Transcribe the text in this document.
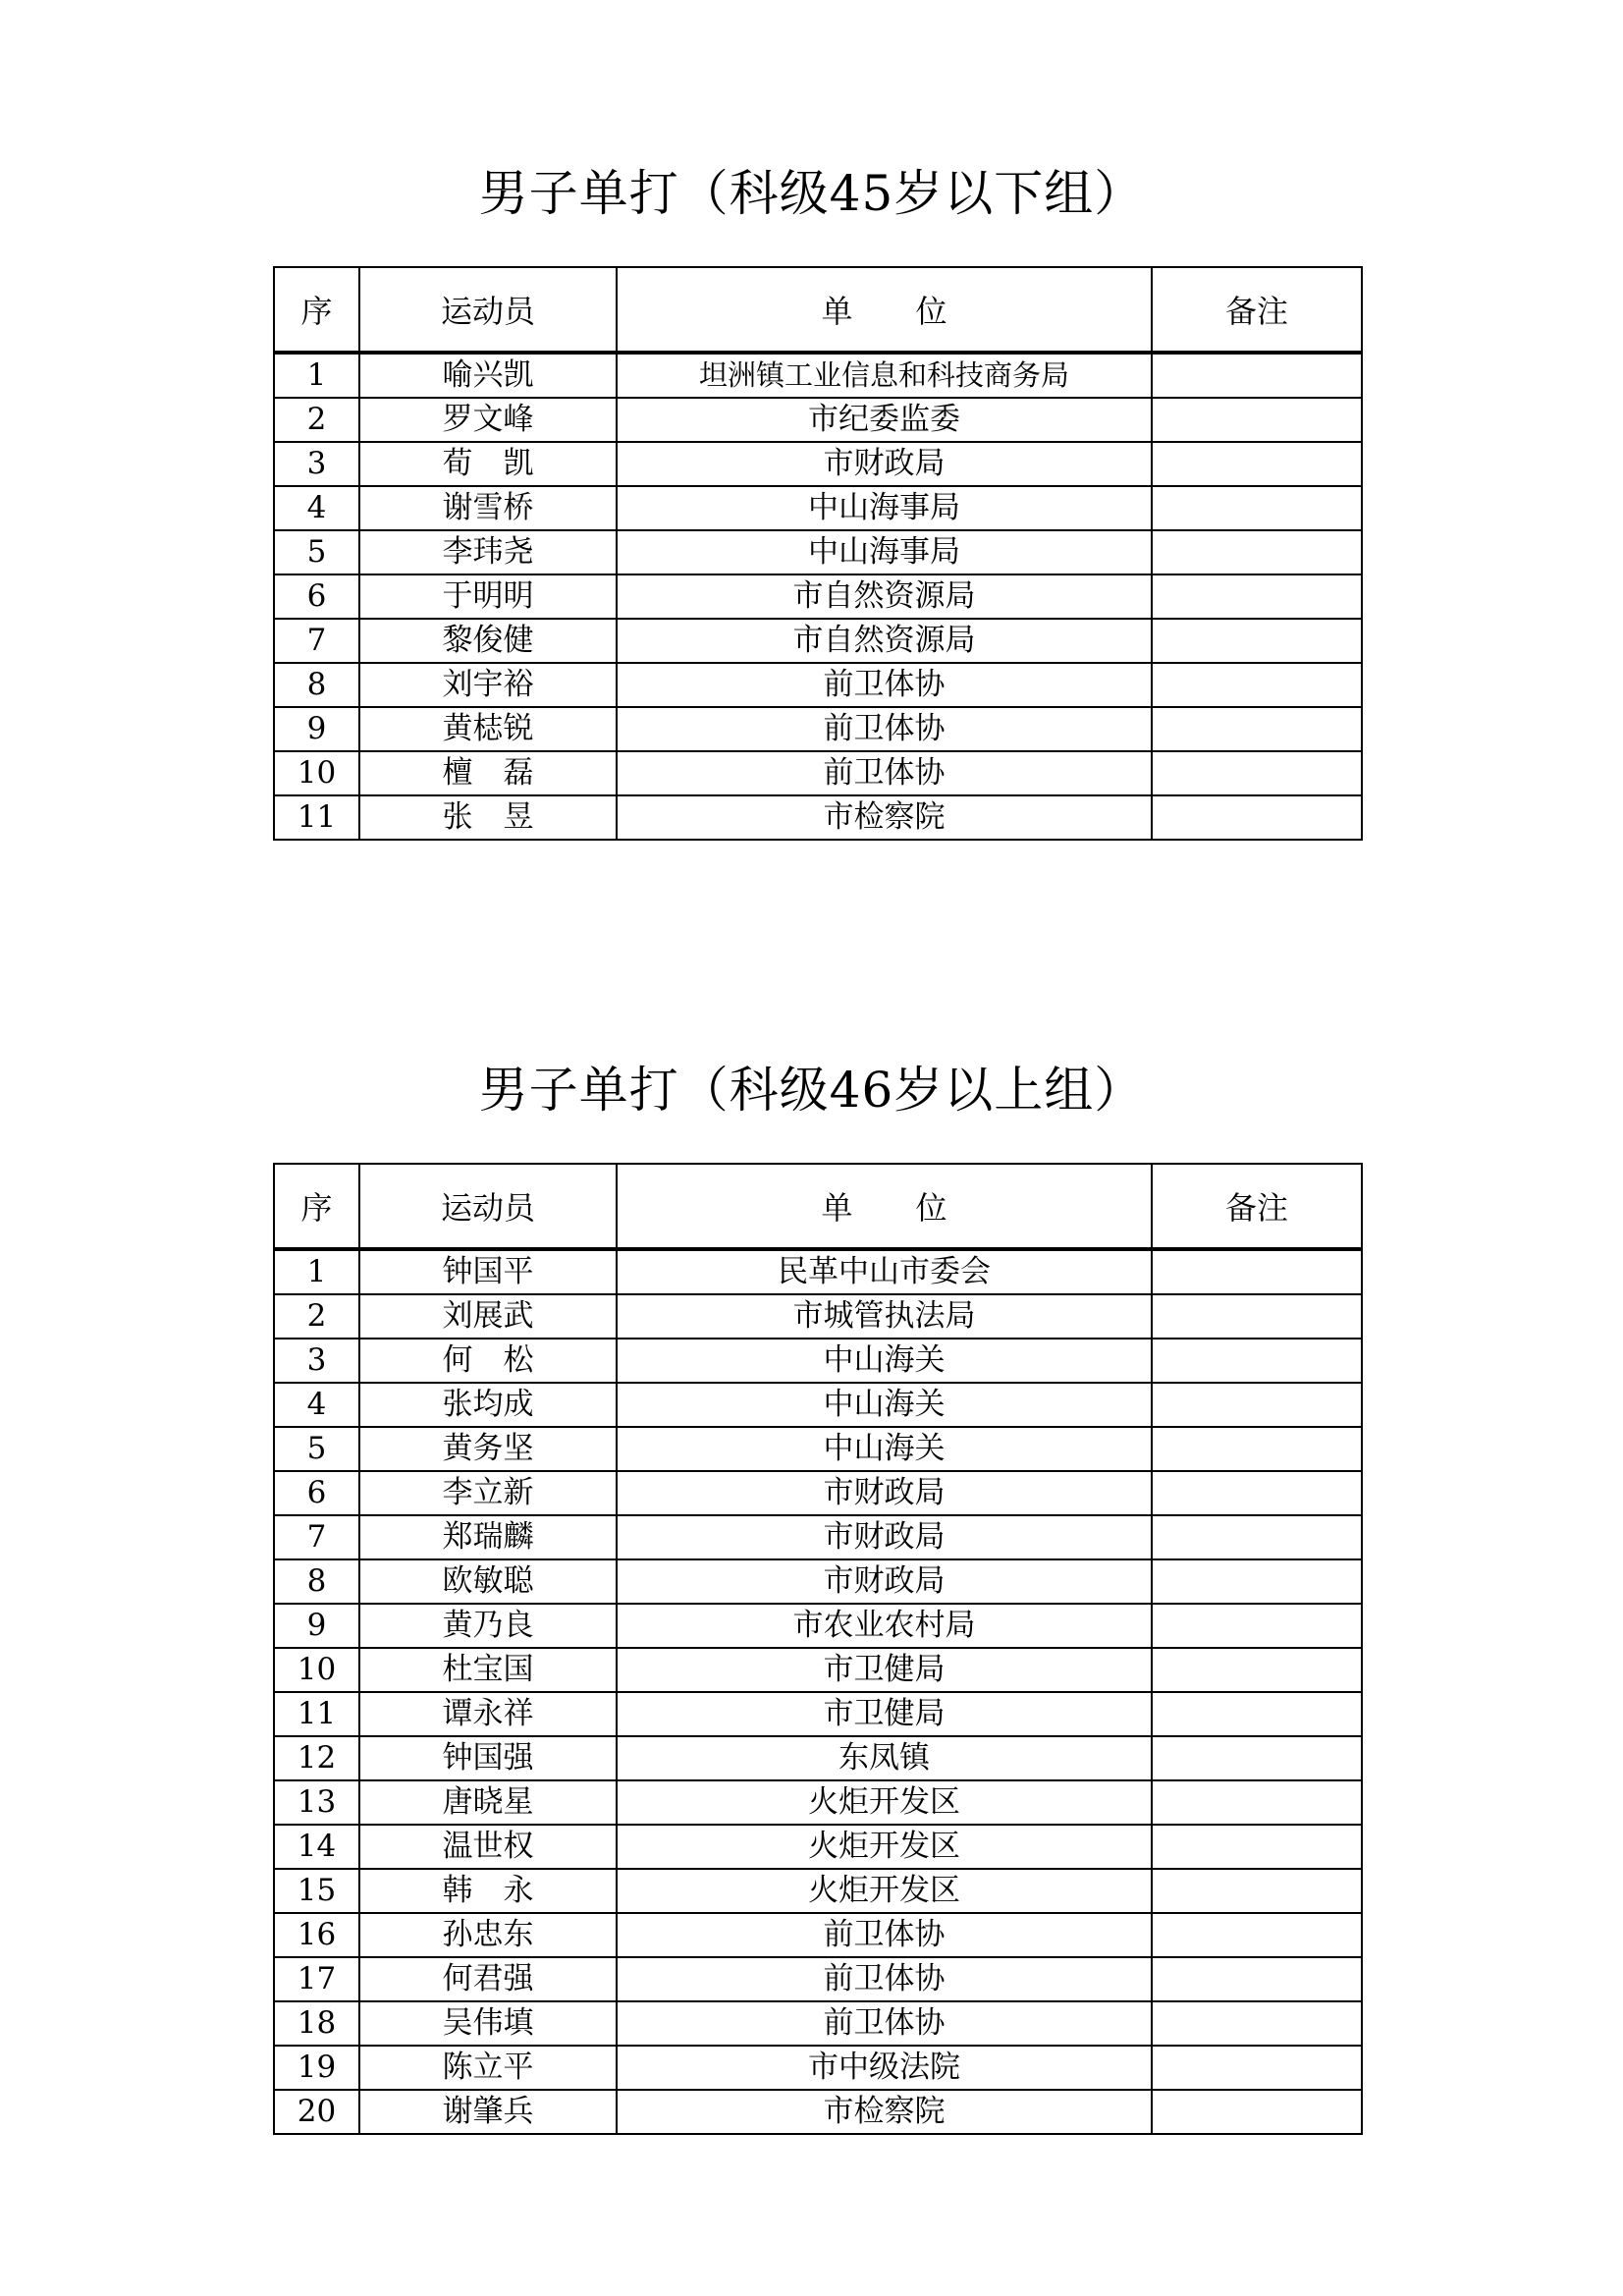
男子单打（科级45岁以下组）
序	运动员	单　　位	备注
1	喻兴凯	坦洲镇工业信息和科技商务局	
2	罗文峰	市纪委监委	
3	荀　凯	市财政局	
4	谢雪桥	中山海事局	
5	李玮尧	中山海事局	
6	于明明	市自然资源局	
7	黎俊健	市自然资源局	
8	刘宇裕	前卫体协	
9	黄梽锐	前卫体协	
10	檀　磊	前卫体协	
11	张　昱	市检察院	
男子单打（科级46岁以上组）
序	运动员	单　　位	备注
1	钟国平	民革中山市委会	
2	刘展武	市城管执法局	
3	何　松	中山海关	
4	张均成	中山海关	
5	黄务坚	中山海关	
6	李立新	市财政局	
7	郑瑞麟	市财政局	
8	欧敏聪	市财政局	
9	黄乃良	市农业农村局	
10	杜宝国	市卫健局	
11	谭永祥	市卫健局	
12	钟国强	东凤镇	
13	唐晓星	火炬开发区	
14	温世权	火炬开发区	
15	韩　永	火炬开发区	
16	孙忠东	前卫体协	
17	何君强	前卫体协	
18	吴伟填	前卫体协	
19	陈立平	市中级法院	
20	谢肇兵	市检察院	
